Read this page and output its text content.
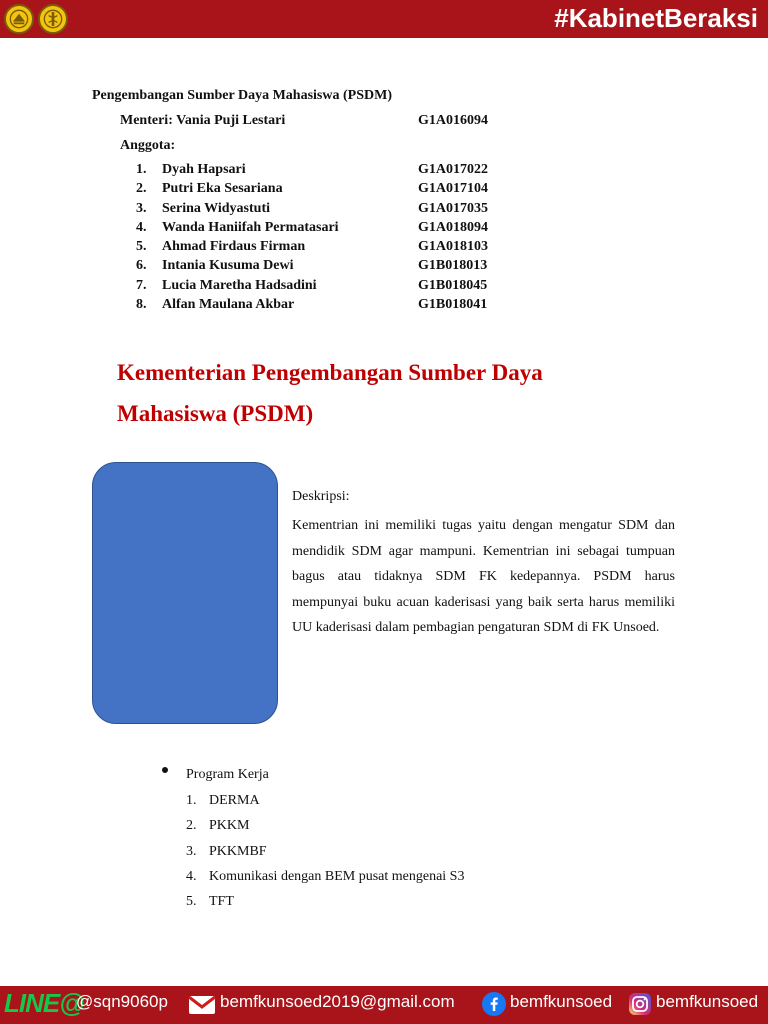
#KabinetBeraksi
Pengembangan Sumber Daya Mahasiswa (PSDM)
Menteri: Vania Puji Lestari	G1A016094
Anggota:
1.	Dyah Hapsari	G1A017022
2.	Putri Eka Sesariana	G1A017104
3.	Serina Widyastuti	G1A017035
4.	Wanda Haniifah Permatasari	G1A018094
5.	Ahmad Firdaus Firman	G1A018103
6.	Intania Kusuma Dewi	G1B018013
7.	Lucia Maretha Hadsadini	G1B018045
8.	Alfan Maulana Akbar	G1B018041
Kementerian Pengembangan Sumber Daya Mahasiswa (PSDM)
Deskripsi:

Kementrian ini memiliki tugas yaitu dengan mengatur SDM dan mendidik SDM agar mampuni. Kementrian ini sebagai tumpuan bagus atau tidaknya SDM FK kedepannya. PSDM harus mempunyai buku acuan kaderisasi yang baik serta harus memiliki UU kaderisasi dalam pembagian pengaturan SDM di FK Unsoed.

Program Kerja
1. DERMA
2. PKKM
3. PKKMBF
4. Komunikasi dengan BEM pusat mengenai S3
5. TFT
LINE@
@sqn9060p	bemfkunsoed2019@gmail.com	bemfkunsoed	bemfkunsoed
